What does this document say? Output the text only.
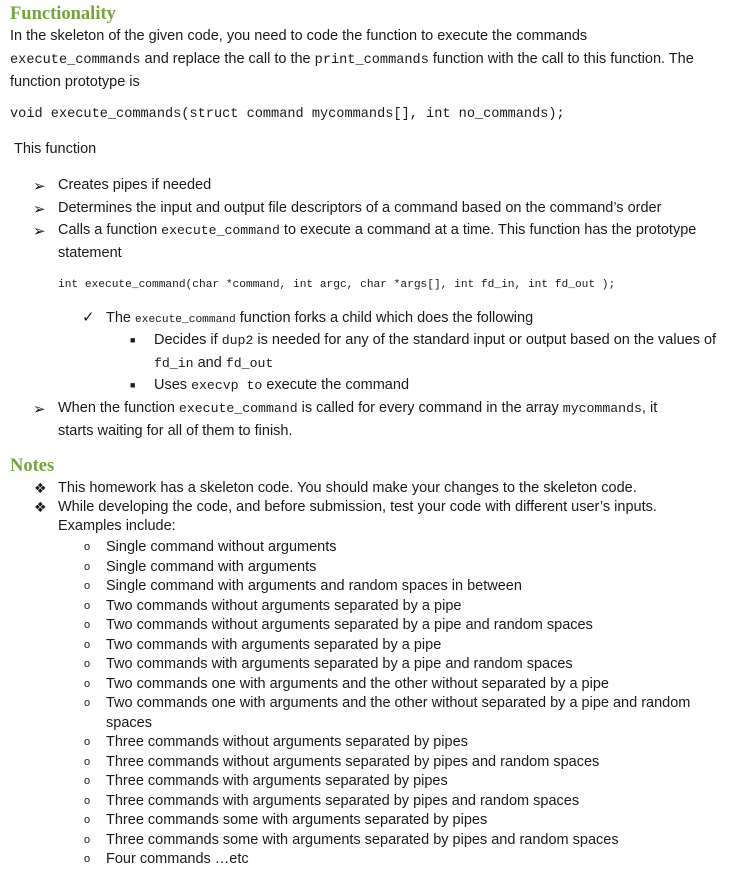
Functionality
In the skeleton of the given code, you need to code the function to execute the commands
execute_commands and replace the call to the print_commands function with the call to this function. The
function prototype is
void execute_commands(struct command mycommands[], int no_commands);
This function
➢ Creates pipes if needed
➢ Determines the input and output file descriptors of a command based on the command’s order
➢ Calls a function execute_command to execute a command at a time. This function has the prototype
statement
int execute_command(char *command, int argc, char *args[], int fd_in, int fd_out );
✓ The execute_command function forks a child which does the following
■ Decides if dup2 is needed for any of the standard input or output based on the values of
fd_in and fd_out
■ Uses execvp to execute the command
➢ When the function execute_command is called for every command in the array mycommands, it
starts waiting for all of them to finish.
Notes
❖ This homework has a skeleton code. You should make your changes to the skeleton code.
❖ While developing the code, and before submission, test your code with different user’s inputs.
Examples include:
o Single command without arguments
o Single command with arguments
o Single command with arguments and random spaces in between
o Two commands without arguments separated by a pipe
o Two commands without arguments separated by a pipe and random spaces
o Two commands with arguments separated by a pipe
o Two commands with arguments separated by a pipe and random spaces
o Two commands one with arguments and the other without separated by a pipe
o Two commands one with arguments and the other without separated by a pipe and random
spaces
o Three commands without arguments separated by pipes
o Three commands without arguments separated by pipes and random spaces
o Three commands with arguments separated by pipes
o Three commands with arguments separated by pipes and random spaces
o Three commands some with arguments separated by pipes
o Three commands some with arguments separated by pipes and random spaces
o Four commands …etc
